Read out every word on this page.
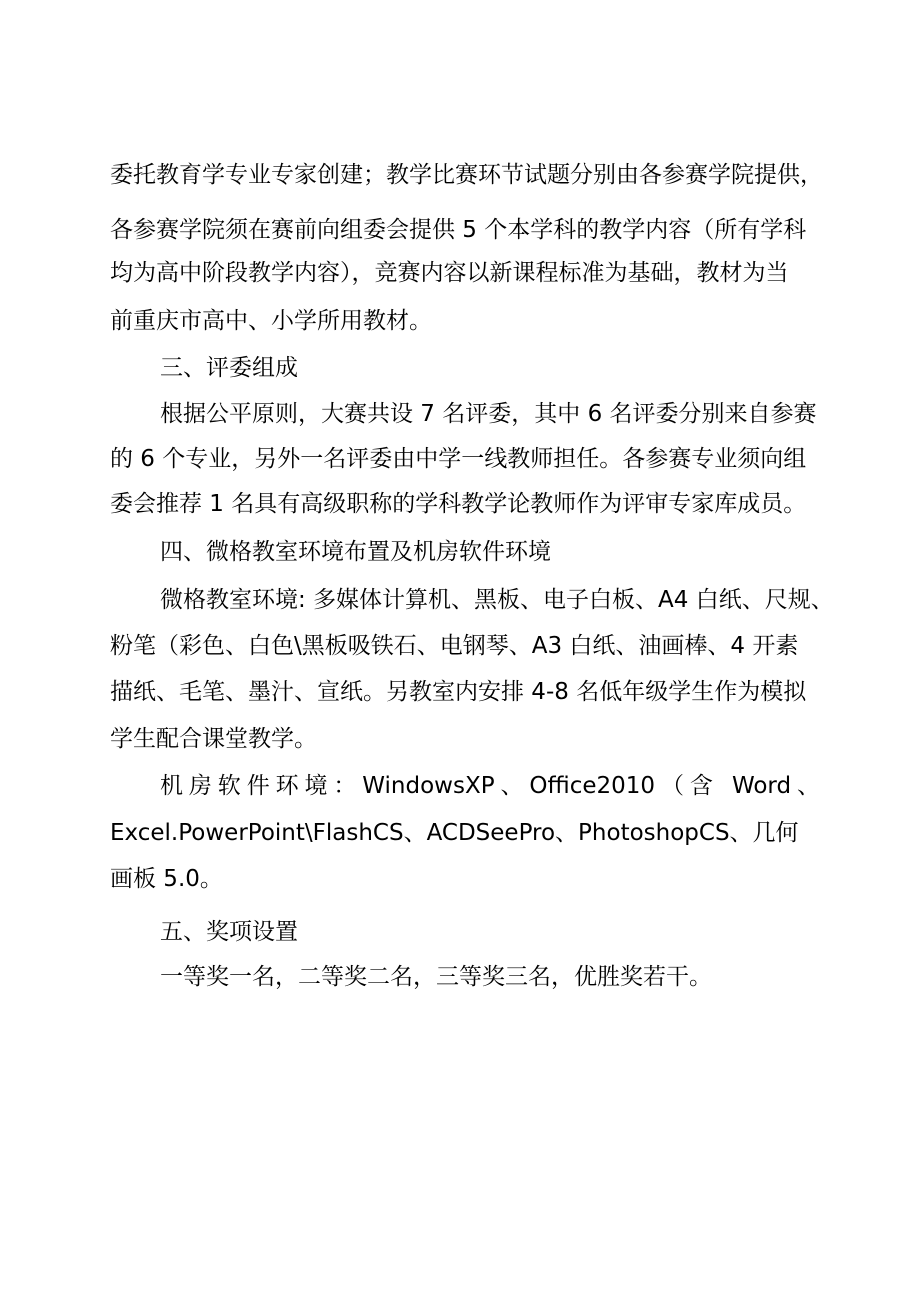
委托教育学专业专家创建；教学比赛环节试题分别由各参赛学院提供，
各参赛学院须在赛前向组委会提供 5 个本学科的教学内容（所有学科
均为高中阶段教学内容），竞赛内容以新课程标准为基础，教材为当
前重庆市高中、小学所用教材。
三、评委组成
根据公平原则，大赛共设 7 名评委，其中 6 名评委分别来自参赛
的 6 个专业，另外一名评委由中学一线教师担任。各参赛专业须向组
委会推荐 1 名具有高级职称的学科教学论教师作为评审专家库成员。
四、微格教室环境布置及机房软件环境
微格教室环境: 多媒体计算机、黑板、电子白板、A4 白纸、尺规、
粉笔（彩色、白色\黑板吸铁石、电钢琴、A3 白纸、油画棒、4 开素
描纸、毛笔、墨汁、宣纸。另教室内安排 4-8 名低年级学生作为模拟
学生配合课堂教学。
机房软件环境：WindowsXP、Office2010（含 Word、
Excel.PowerPoint\FlashCS、ACDSeePro、PhotoshopCS、几何
画板 5.0。
五、奖项设置
一等奖一名，二等奖二名，三等奖三名，优胜奖若干。
